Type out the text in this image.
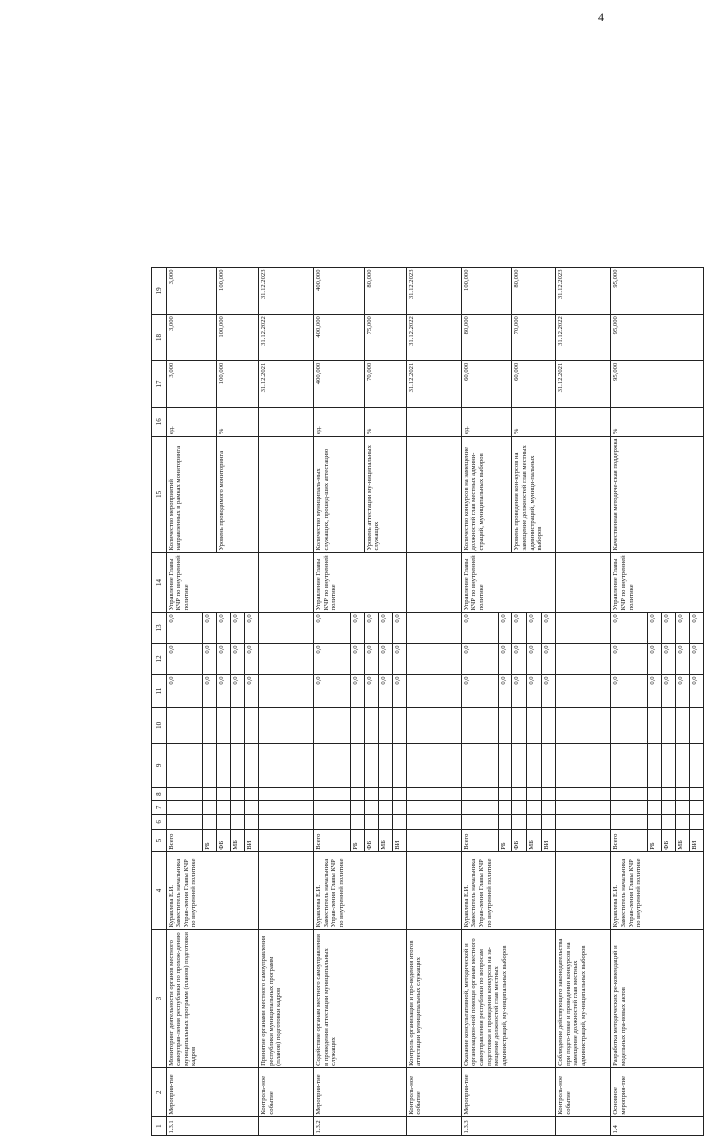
4
1	2	3	4	5	6	7	8	9	10	11	12	13	14	15	16	17	18	19
1.3.1	Мероприя-тие	Мониторинг деятельности органов местного самоуправ-ления республики по прохож-дению муниципальных программ (планов) подготовки кадров	Куравлева Е.И. Заместитель начальника Управ-ления Главы КЧР по внутренней политике	Всего						0,0	0,0	0,0	Управление Главы КЧР по внутренней политике	Количество мероприятий направленных в рамках мониторинга	ед.	3,000	3,000	3,000
				РБ						0,0	0,0	0,0						
				ФБ						0,0	0,0	0,0		Уровень проводимого мониторинга	%	100,000	100,000	100,000
				МБ						0,0	0,0	0,0						
				ВИ						0,0	0,0	0,0						
	Контроль-ное событие	Принятие органами местного самоуправления республики муниципальных программ (планов) подготовки кадров														31.12.2021	31.12.2022	31.12.2023
1.3.2	Мероприя-тие	Содействие органам местного самоуправления в проведении аттестации муниципальных служащих	Куравлева Е.И. Заместитель начальника Управ-ления Главы КЧР по внутренней политике	Всего						0,0	0,0	0,0	Управление Главы КЧР по внутренней политике	Количество муниципаль-ных служащих, прошед-ших аттестацию	ед.	400,000	400,000	400,000
				РБ						0,0	0,0	0,0						
				ФБ						0,0	0,0	0,0		Уровень аттестации му-ниципальных служащих	%	70,000	75,000	80,000
				МБ						0,0	0,0	0,0						
				ВИ						0,0	0,0	0,0						
	Контроль-ное событие	Контроль организации и про-ведения итогов аттестации муниципальных служащих														31.12.2021	31.12.2022	31.12.2023
1.3.3	Мероприя-тие	Оказание консультативной, методической и организацион-ной помощи органам местного самоуправления республики по вопросам подготовки и проведения конкурсов на за-мещение должностей глав местных администраций, му-ниципальных выборов	Куравлева Е.И. Заместитель начальника Управ-ления Главы КЧР по внутренней политике	Всего						0,0	0,0	0,0	Управление Главы КЧР по внутренней политике	Количество конкурсов на замещение должностей глав местных админи-страций, муниципальных выборов	ед.	60,000	80,000	100,000
				РБ						0,0	0,0	0,0						
				ФБ						0,0	0,0	0,0		Уровень проведения кон-курсов на замещение должностей глав местных администраций, муници-пальных выборов	%	60,000	70,000	80,000
				МБ						0,0	0,0	0,0						
				ВИ						0,0	0,0	0,0						
	Контроль-ное событие	Соблюдение действующего законодательства при подго-товке и проведении конкурсов на замещение должностей глав местных администраций, му-ниципальных выборов														31.12.2021	31.12.2022	31.12.2023
1.4	Основное мероприя-тие	Разработка методических ре-комендаций и модельных пра-вовых актов	Куравлева Е.И. Заместитель начальника Управ-ления Главы КЧР по внутренней политике	Всего						0,0	0,0	0,0	Управление Главы КЧР по внутренней политике	Качественная методиче-ская поддержка	%	95,000	95,000	95,000
				РБ						0,0	0,0	0,0						
				ФБ						0,0	0,0	0,0						
				МБ						0,0	0,0	0,0						
				ВИ						0,0	0,0	0,0						
